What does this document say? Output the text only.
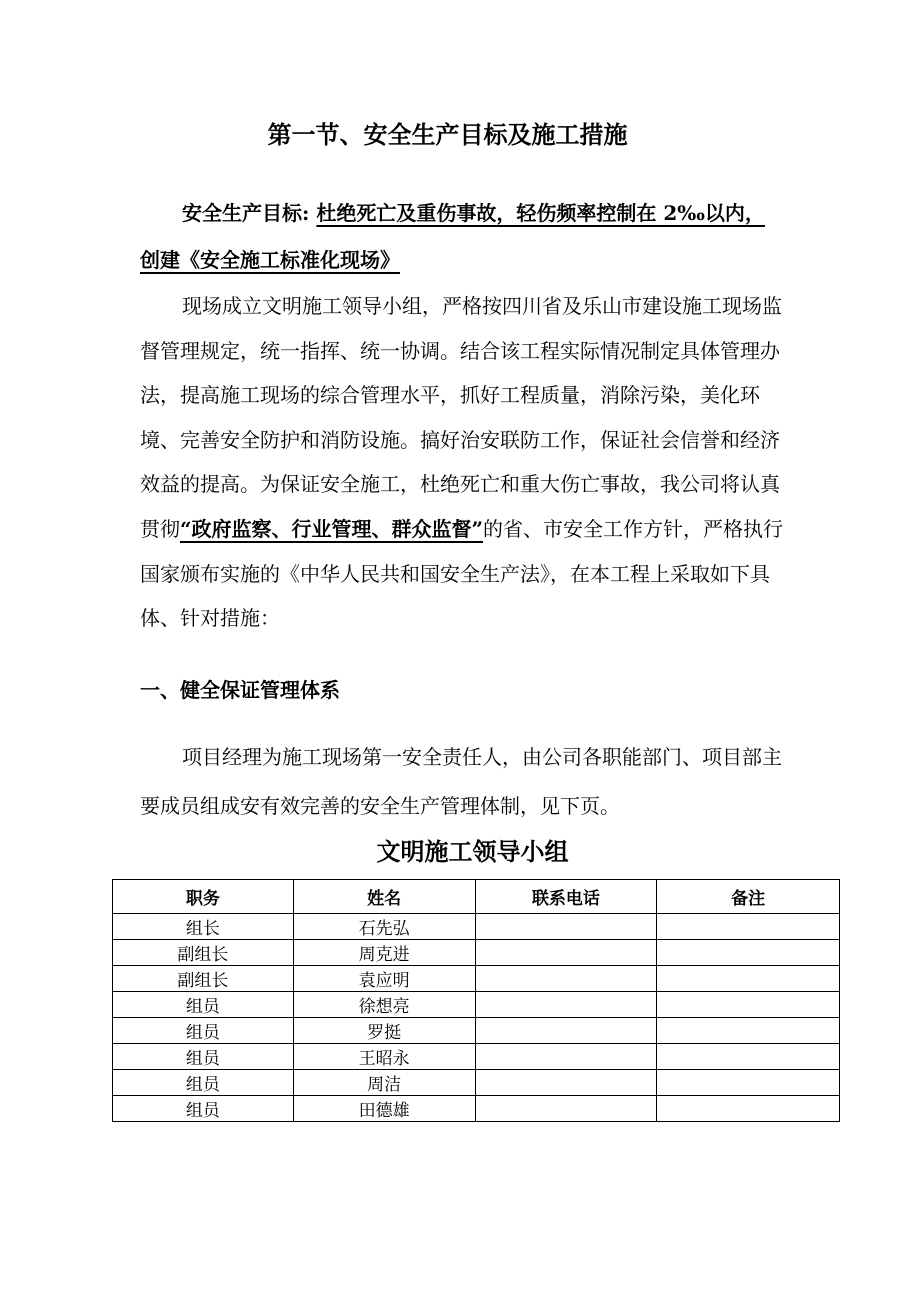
第一节、安全生产目标及施工措施
安全生产目标: 杜绝死亡及重伤事故，轻伤频率控制在 2‰以内，
创建《安全施工标准化现场》
现场成立文明施工领导小组，严格按四川省及乐山市建设施工现场监督管理规定，统一指挥、统一协调。结合该工程实际情况制定具体管理办法，提高施工现场的综合管理水平，抓好工程质量，消除污染，美化环境、完善安全防护和消防设施。搞好治安联防工作，保证社会信誉和经济效益的提高。为保证安全施工，杜绝死亡和重大伤亡事故，我公司将认真贯彻“政府监察、行业管理、群众监督”的省、市安全工作方针，严格执行国家颁布实施的《中华人民共和国安全生产法》，在本工程上采取如下具体、针对措施：
一、健全保证管理体系
项目经理为施工现场第一安全责任人，由公司各职能部门、项目部主要成员组成安有效完善的安全生产管理体制，见下页。
文明施工领导小组
职务	姓名	联系电话	备注
组长	石先弘		
副组长	周克进		
副组长	袁应明		
组员	徐想亮		
组员	罗挺		
组员	王昭永		
组员	周洁		
组员	田德雄		
